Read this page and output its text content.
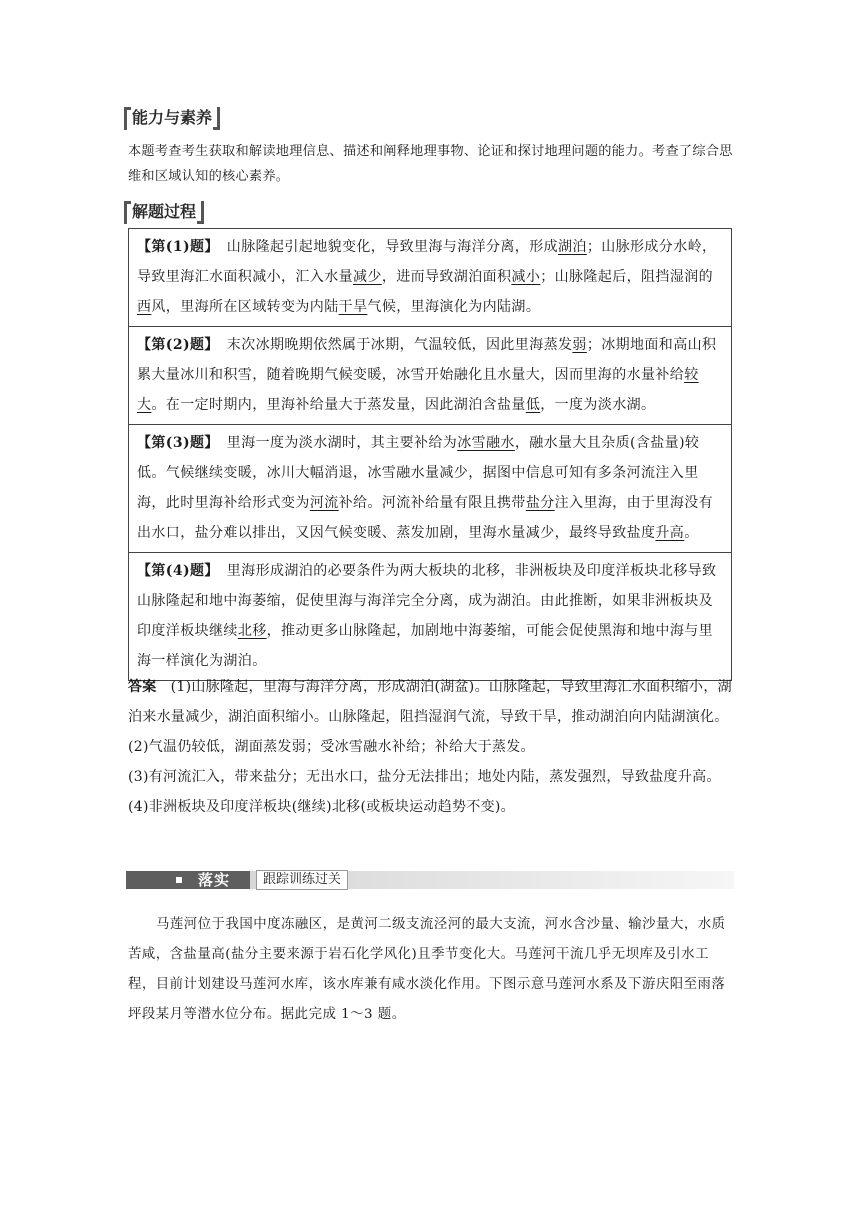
能力与素养
本题考查考生获取和解读地理信息、描述和阐释地理事物、论证和探讨地理问题的能力。考查了综合思维和区域认知的核心素养。
解题过程
【第(1)题】 山脉隆起引起地貌变化，导致里海与海洋分离，形成湖泊；山脉形成分水岭，导致里海汇水面积减小，汇入水量减少，进而导致湖泊面积减小；山脉隆起后，阻挡湿润的西风，里海所在区域转变为内陆干旱气候，里海演化为内陆湖。
【第(2)题】 末次冰期晚期依然属于冰期，气温较低，因此里海蒸发弱；冰期地面和高山积累大量冰川和积雪，随着晚期气候变暖，冰雪开始融化且水量大，因而里海的水量补给较大。在一定时期内，里海补给量大于蒸发量，因此湖泊含盐量低，一度为淡水湖。
【第(3)题】 里海一度为淡水湖时，其主要补给为冰雪融水，融水量大且杂质(含盐量)较低。气候继续变暖，冰川大幅消退，冰雪融水量减少，据图中信息可知有多条河流注入里海，此时里海补给形式变为河流补给。河流补给量有限且携带盐分注入里海，由于里海没有出水口，盐分难以排出，又因气候变暖、蒸发加剧，里海水量减少，最终导致盐度升高。
【第(4)题】 里海形成湖泊的必要条件为两大板块的北移，非洲板块及印度洋板块北移导致山脉隆起和地中海萎缩，促使里海与海洋完全分离，成为湖泊。由此推断，如果非洲板块及印度洋板块继续北移，推动更多山脉隆起，加剧地中海萎缩，可能会促使黑海和地中海与里海一样演化为湖泊。
答案 (1)山脉隆起，里海与海洋分离，形成湖泊(湖盆)。山脉隆起，导致里海汇水面积缩小，湖泊来水量减少，湖泊面积缩小。山脉隆起，阻挡湿润气流，导致干旱，推动湖泊向内陆湖演化。
(2)气温仍较低，湖面蒸发弱；受冰雪融水补给；补给大于蒸发。
(3)有河流汇入，带来盐分；无出水口，盐分无法排出；地处内陆，蒸发强烈，导致盐度升高。
(4)非洲板块及印度洋板块(继续)北移(或板块运动趋势不变)。
落实	跟踪训练过关
马莲河位于我国中度冻融区，是黄河二级支流泾河的最大支流，河水含沙量、输沙量大，水质苦咸，含盐量高(盐分主要来源于岩石化学风化)且季节变化大。马莲河干流几乎无坝库及引水工程，目前计划建设马莲河水库，该水库兼有咸水淡化作用。下图示意马莲河水系及下游庆阳至雨落坪段某月等潜水位分布。据此完成 1～3 题。
